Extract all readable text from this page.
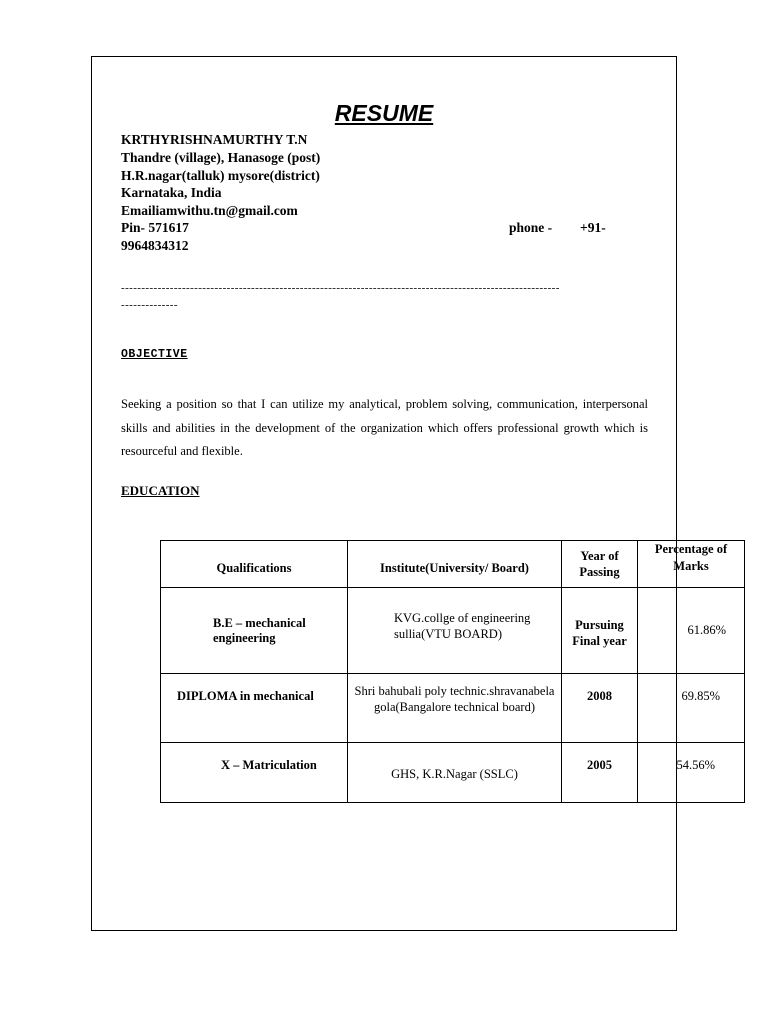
RESUME
KRTHYRISHNAMURTHY T.N
Thandre (village), Hanasoge (post)
H.R.nagar(talluk) mysore(district)
Karnataka, India
Emailiamwithu.tn@gmail.com
Pin- 571617	phone - +91-
9964834312
------------------------------------------------------------------------------------------------------------
--------------
OBJECTIVE
Seeking a position so that I can utilize my analytical, problem solving, communication, interpersonal skills and abilities in the development of the organization which offers professional growth which is resourceful and flexible.
EDUCATION
Qualifications	Institute(University/ Board)	Year of Passing	Percentage of Marks
B.E – mechanical engineering	KVG.collge of engineering sullia(VTU BOARD)	Pursuing Final year	61.86%
DIPLOMA in mechanical	Shri bahubali poly technic.shravanabelagola(Bangalore technical board)	2008	69.85%
X – Matriculation	GHS, K.R.Nagar (SSLC)	2005	54.56%
